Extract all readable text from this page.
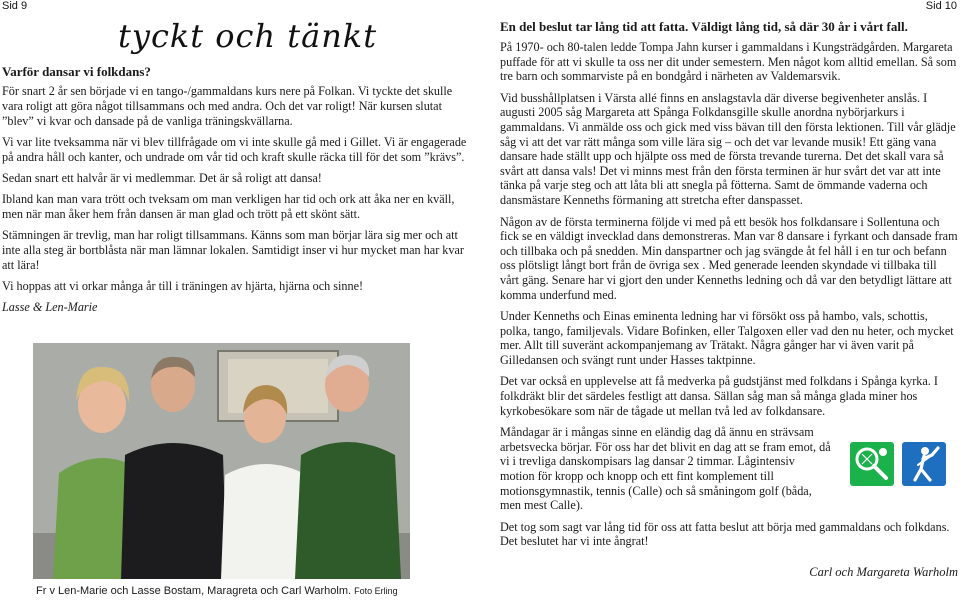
Sid 9
tyckt och tänkt
Varför dansar vi folkdans?

För snart 2 år sen började vi en tango-/gammaldans kurs nere på Folkan. Vi tyckte det skulle vara roligt att göra något tillsammans och med andra. Och det var roligt! När kursen slutat ”blev” vi kvar och dansade på de vanliga träningskvällarna.

Vi var lite tveksamma när vi blev tillfrågade om vi inte skulle gå med i Gillet. Vi är engagerade på andra håll och kanter, och undrade om vår tid och kraft skulle räcka till för det som ”krävs”.

Sedan snart ett halvår är vi medlemmar. Det är så roligt att dansa!

Ibland kan man vara trött och tveksam om man verkligen har tid och ork att åka ner en kväll, men när man åker hem från dansen är man glad och trött på ett skönt sätt.

Stämningen är trevlig, man har roligt tillsammans. Känns som man börjar lära sig mer och att inte alla steg är bortblåsta när man lämnar lokalen. Samtidigt inser vi hur mycket man har kvar att lära!

Vi hoppas att vi orkar många år till i träningen av hjärta, hjärna och sinne!

Lasse & Len-Marie
Fr v Len-Marie och Lasse Bostam, Maragreta och Carl Warholm. Foto Erling
Sid 10
En del beslut tar lång tid att fatta. Väldigt lång tid, så där 30 år i vårt fall.

På 1970- och 80-talen ledde Tompa Jahn kurser i gammaldans i Kungsträdgården. Margareta puffade för att vi skulle ta oss ner dit under semestern. Men något kom alltid emellan. Så som tre barn och sommarviste på en bondgård i närheten av Valdemarsvik.

Vid busshållplatsen i Värsta allé finns en anslagstavla där diverse begivenheter anslås. I augusti 2005 såg Margareta att Spånga Folkdansgille skulle anordna nybörjarkurs i gammaldans. Vi anmälde oss och gick med viss bävan till den första lektionen. Till vår glädje såg vi att det var rätt många som ville lära sig – och det var levande musik! Ett gäng vana dansare hade ställt upp och hjälpte oss med de första trevande turerna. Det det skall vara så svårt att dansa vals! Det vi minns mest från den första terminen är hur svårt det var att inte tänka på varje steg och att låta bli att snegla på fötterna. Samt de ömmande vaderna och dansmästare Kenneths förmaning att stretcha efter danspasset.

Någon av de första terminerna följde vi med på ett besök hos folkdansare i Sollentuna och fick se en väldigt invecklad dans demonstreras. Man var 8 dansare i fyrkant och dansade fram och tillbaka och på snedden. Min danspartner och jag svängde åt fel håll i en tur och befann oss plötsligt långt bort från de övriga sex . Med generade leenden skyndade vi tillbaka till vårt gäng. Senare har vi gjort den under Kenneths ledning och då var den betydligt lättare att komma underfund med.

Under Kenneths och Einas eminenta ledning har vi försökt oss på hambo, vals, schottis, polka, tango, familjevals. Vidare Bofinken, eller Talgoxen eller vad den nu heter, och mycket mer. Allt till suveränt ackompanjemang av Trätakt. Några gånger har vi även varit på Gilledansen och svängt runt under Hasses taktpinne.

Det var också en upplevelse att få medverka på gudstjänst med folkdans i Spånga kyrka. I folkdräkt blir det särdeles festligt att dansa. Sällan såg man så många glada miner hos kyrkobesökare som när de tågade ut mellan två led av folkdansare.

Måndagar är i mångas sinne en eländig dag då ännu en strävsam arbetsvecka börjar. För oss har det blivit en dag att se fram emot, då vi i trevliga danskompisars lag dansar 2 timmar. Lågintensiv motion för kropp och knopp och ett fint komplement till motionsgymnastik, tennis (Calle) och så småningom golf (båda, men mest Calle).

Det tog som sagt var lång tid för oss att fatta beslut att börja med gammaldans och folkdans. Det beslutet har vi inte ångrat!

Carl och Margareta Warholm
